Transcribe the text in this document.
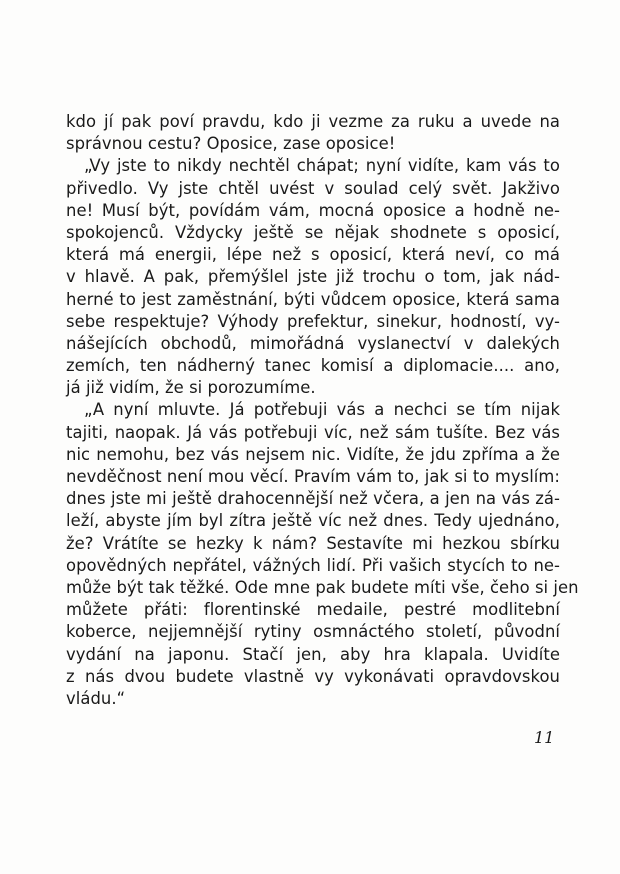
kdo jí pak poví pravdu, kdo ji vezme za ruku a uvede na
správnou cestu? Oposice, zase oposice!
„Vy jste to nikdy nechtěl chápat; nyní vidíte, kam vás to
přivedlo. Vy jste chtěl uvést v soulad celý svět. Jakživo
ne! Musí být, povídám vám, mocná oposice a hodně ne-
spokojenců. Vždycky ještě se nějak shodnete s oposicí,
která má energii, lépe než s oposicí, která neví, co má
v hlavě. A pak, přemýšlel jste již trochu o tom, jak nád-
herné to jest zaměstnání, býti vůdcem oposice, která sama
sebe respektuje? Výhody prefektur, sinekur, hodností, vy-
nášejících obchodů, mimořádná vyslanectví v dalekých
zemích, ten nádherný tanec komisí a diplomacie.... ano,
já již vidím, že si porozumíme.
„A nyní mluvte. Já potřebuji vás a nechci se tím nijak
tajiti, naopak. Já vás potřebuji víc, než sám tušíte. Bez vás
nic nemohu, bez vás nejsem nic. Vidíte, že jdu zpříma a že
nevděčnost není mou věcí. Pravím vám to, jak si to myslím:
dnes jste mi ještě drahocennější než včera, a jen na vás zá-
leží, abyste jím byl zítra ještě víc než dnes. Tedy ujednáno,
že? Vrátíte se hezky k nám? Sestavíte mi hezkou sbírku
opovědných nepřátel, vážných lidí. Při vašich stycích to ne-
může být tak těžké. Ode mne pak budete míti vše, čeho si jen
můžete přáti: florentinské medaile, pestré modlitební
koberce, nejjemnější rytiny osmnáctého století, původní
vydání na japonu. Stačí jen, aby hra klapala. Uvidíte
z nás dvou budete vlastně vy vykonávati opravdovskou
vládu.“
11
